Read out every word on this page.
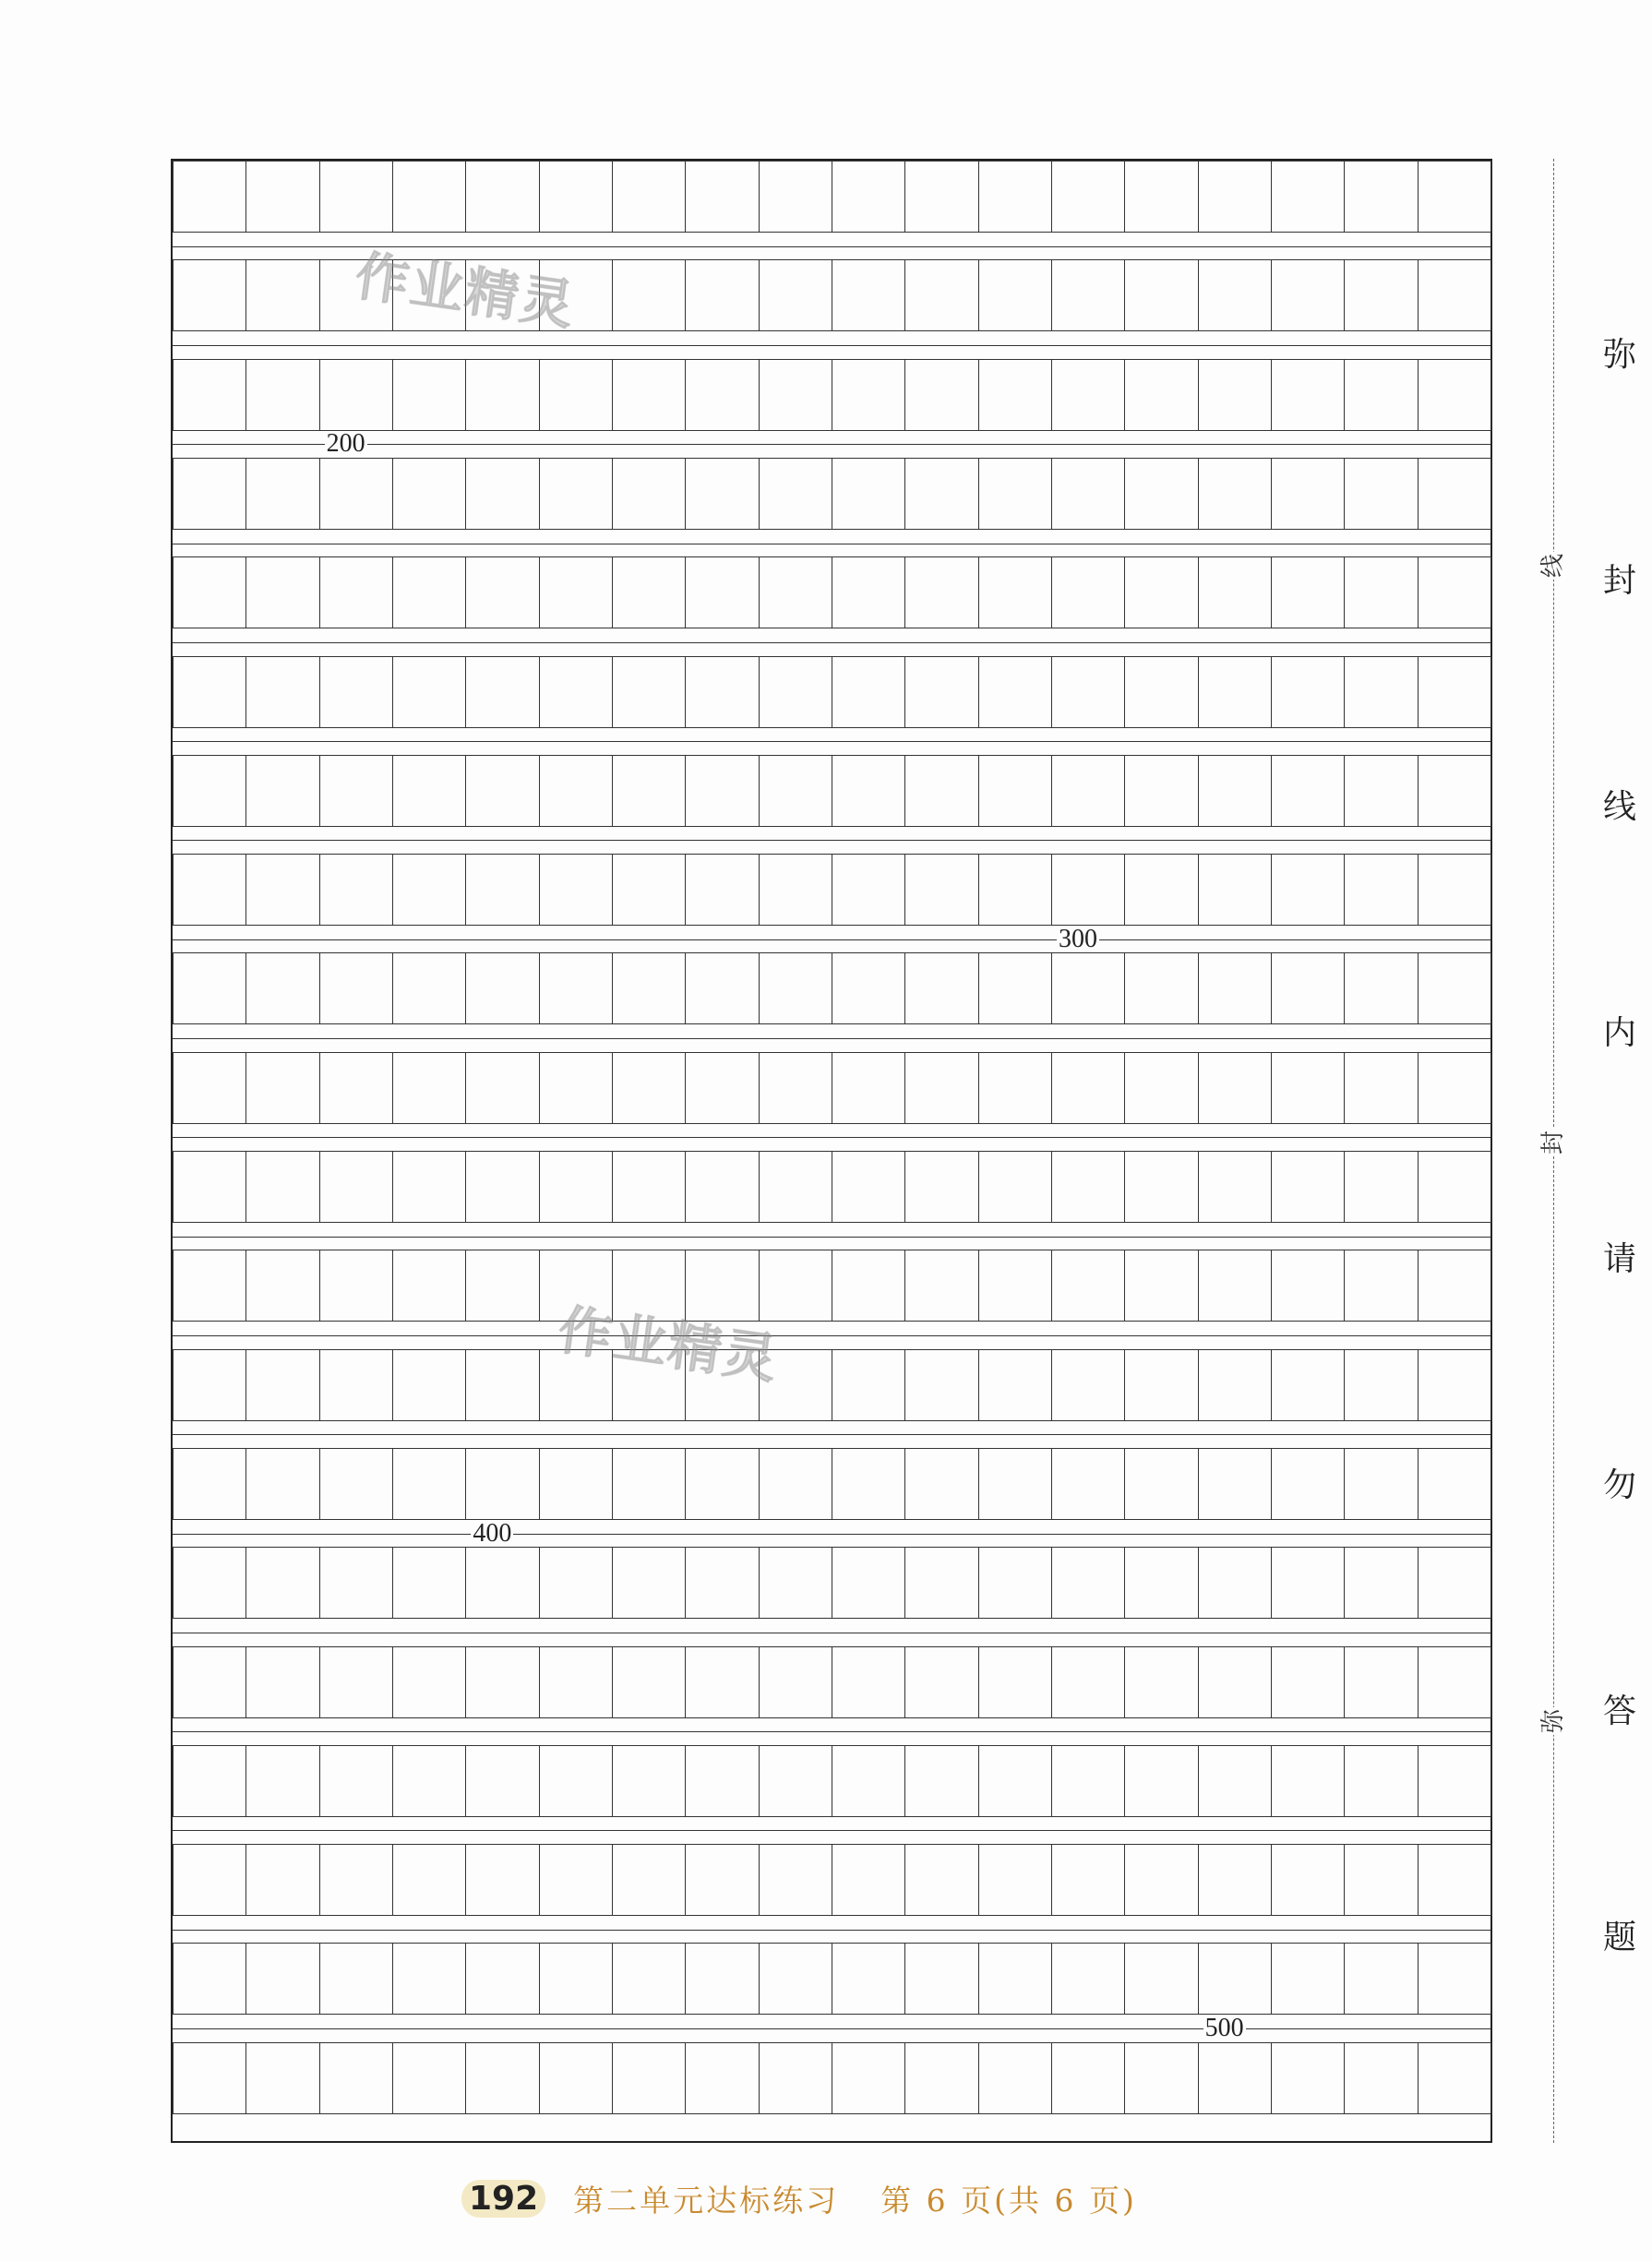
200
300
400
500
作业精灵
作业精灵
线
封
弥
弥
封
线
内
请
勿
答
题
192 第二单元达标练习 第 6 页(共 6 页)
